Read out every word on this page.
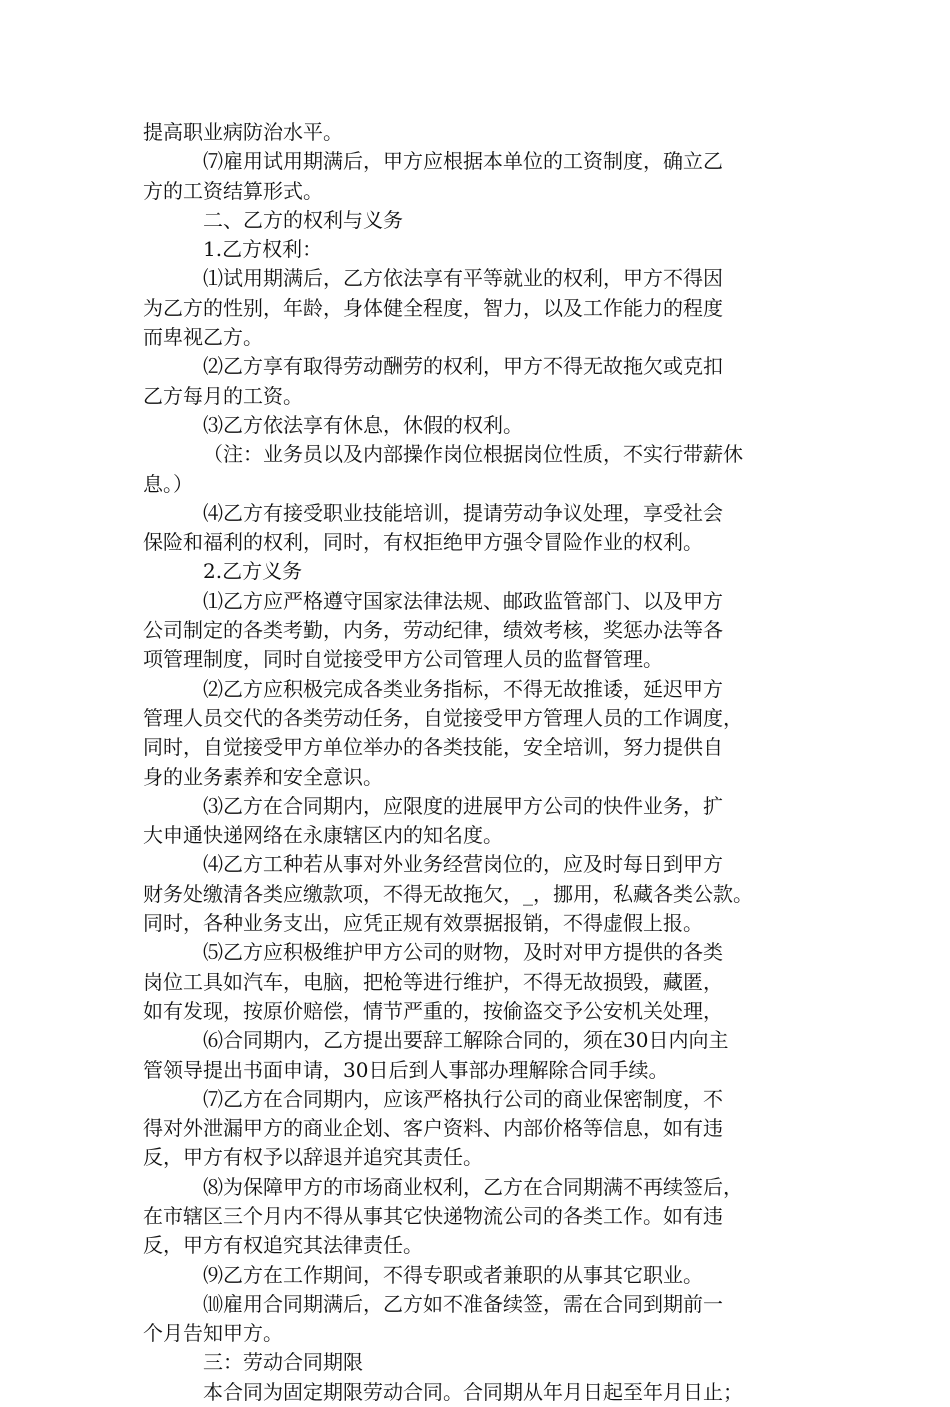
提高职业病防治水平。

⑺雇用试用期满后，甲方应根据本单位的工资制度，确立乙
方的工资结算形式。

二、乙方的权利与义务

1.乙方权利：

⑴试用期满后，乙方依法享有平等就业的权利，甲方不得因
为乙方的性别，年龄，身体健全程度，智力，以及工作能力的程度
而卑视乙方。

⑵乙方享有取得劳动酬劳的权利，甲方不得无故拖欠或克扣
乙方每月的工资。

⑶乙方依法享有休息，休假的权利。

（注：业务员以及内部操作岗位根据岗位性质，不实行带薪休
息。）

⑷乙方有接受职业技能培训，提请劳动争议处理，享受社会
保险和福利的权利，同时，有权拒绝甲方强令冒险作业的权利。

2.乙方义务

⑴乙方应严格遵守国家法律法规、邮政监管部门、以及甲方
公司制定的各类考勤，内务，劳动纪律，绩效考核，奖惩办法等各
项管理制度，同时自觉接受甲方公司管理人员的监督管理。

⑵乙方应积极完成各类业务指标，不得无故推诿，延迟甲方
管理人员交代的各类劳动任务，自觉接受甲方管理人员的工作调度，
同时，自觉接受甲方单位举办的各类技能，安全培训，努力提供自
身的业务素养和安全意识。

⑶乙方在合同期内，应限度的进展甲方公司的快件业务，扩
大申通快递网络在永康辖区内的知名度。

⑷乙方工种若从事对外业务经营岗位的，应及时每日到甲方
财务处缴清各类应缴款项，不得无故拖欠，_，挪用，私藏各类公款。
同时，各种业务支出，应凭正规有效票据报销，不得虚假上报。

⑸乙方应积极维护甲方公司的财物，及时对甲方提供的各类
岗位工具如汽车，电脑，把枪等进行维护，不得无故损毁，藏匿，
如有发现，按原价赔偿，情节严重的，按偷盗交予公安机关处理，

⑹合同期内，乙方提出要辞工解除合同的，须在30日内向主
管领导提出书面申请，30日后到人事部办理解除合同手续。

⑺乙方在合同期内，应该严格执行公司的商业保密制度，不
得对外泄漏甲方的商业企划、客户资料、内部价格等信息，如有违
反，甲方有权予以辞退并追究其责任。

⑻为保障甲方的市场商业权利，乙方在合同期满不再续签后，
在市辖区三个月内不得从事其它快递物流公司的各类工作。如有违
反，甲方有权追究其法律责任。

⑼乙方在工作期间，不得专职或者兼职的从事其它职业。

⑽雇用合同期满后，乙方如不准备续签，需在合同到期前一
个月告知甲方。

三：劳动合同期限

本合同为固定期限劳动合同。合同期从年月日起至年月日止；
